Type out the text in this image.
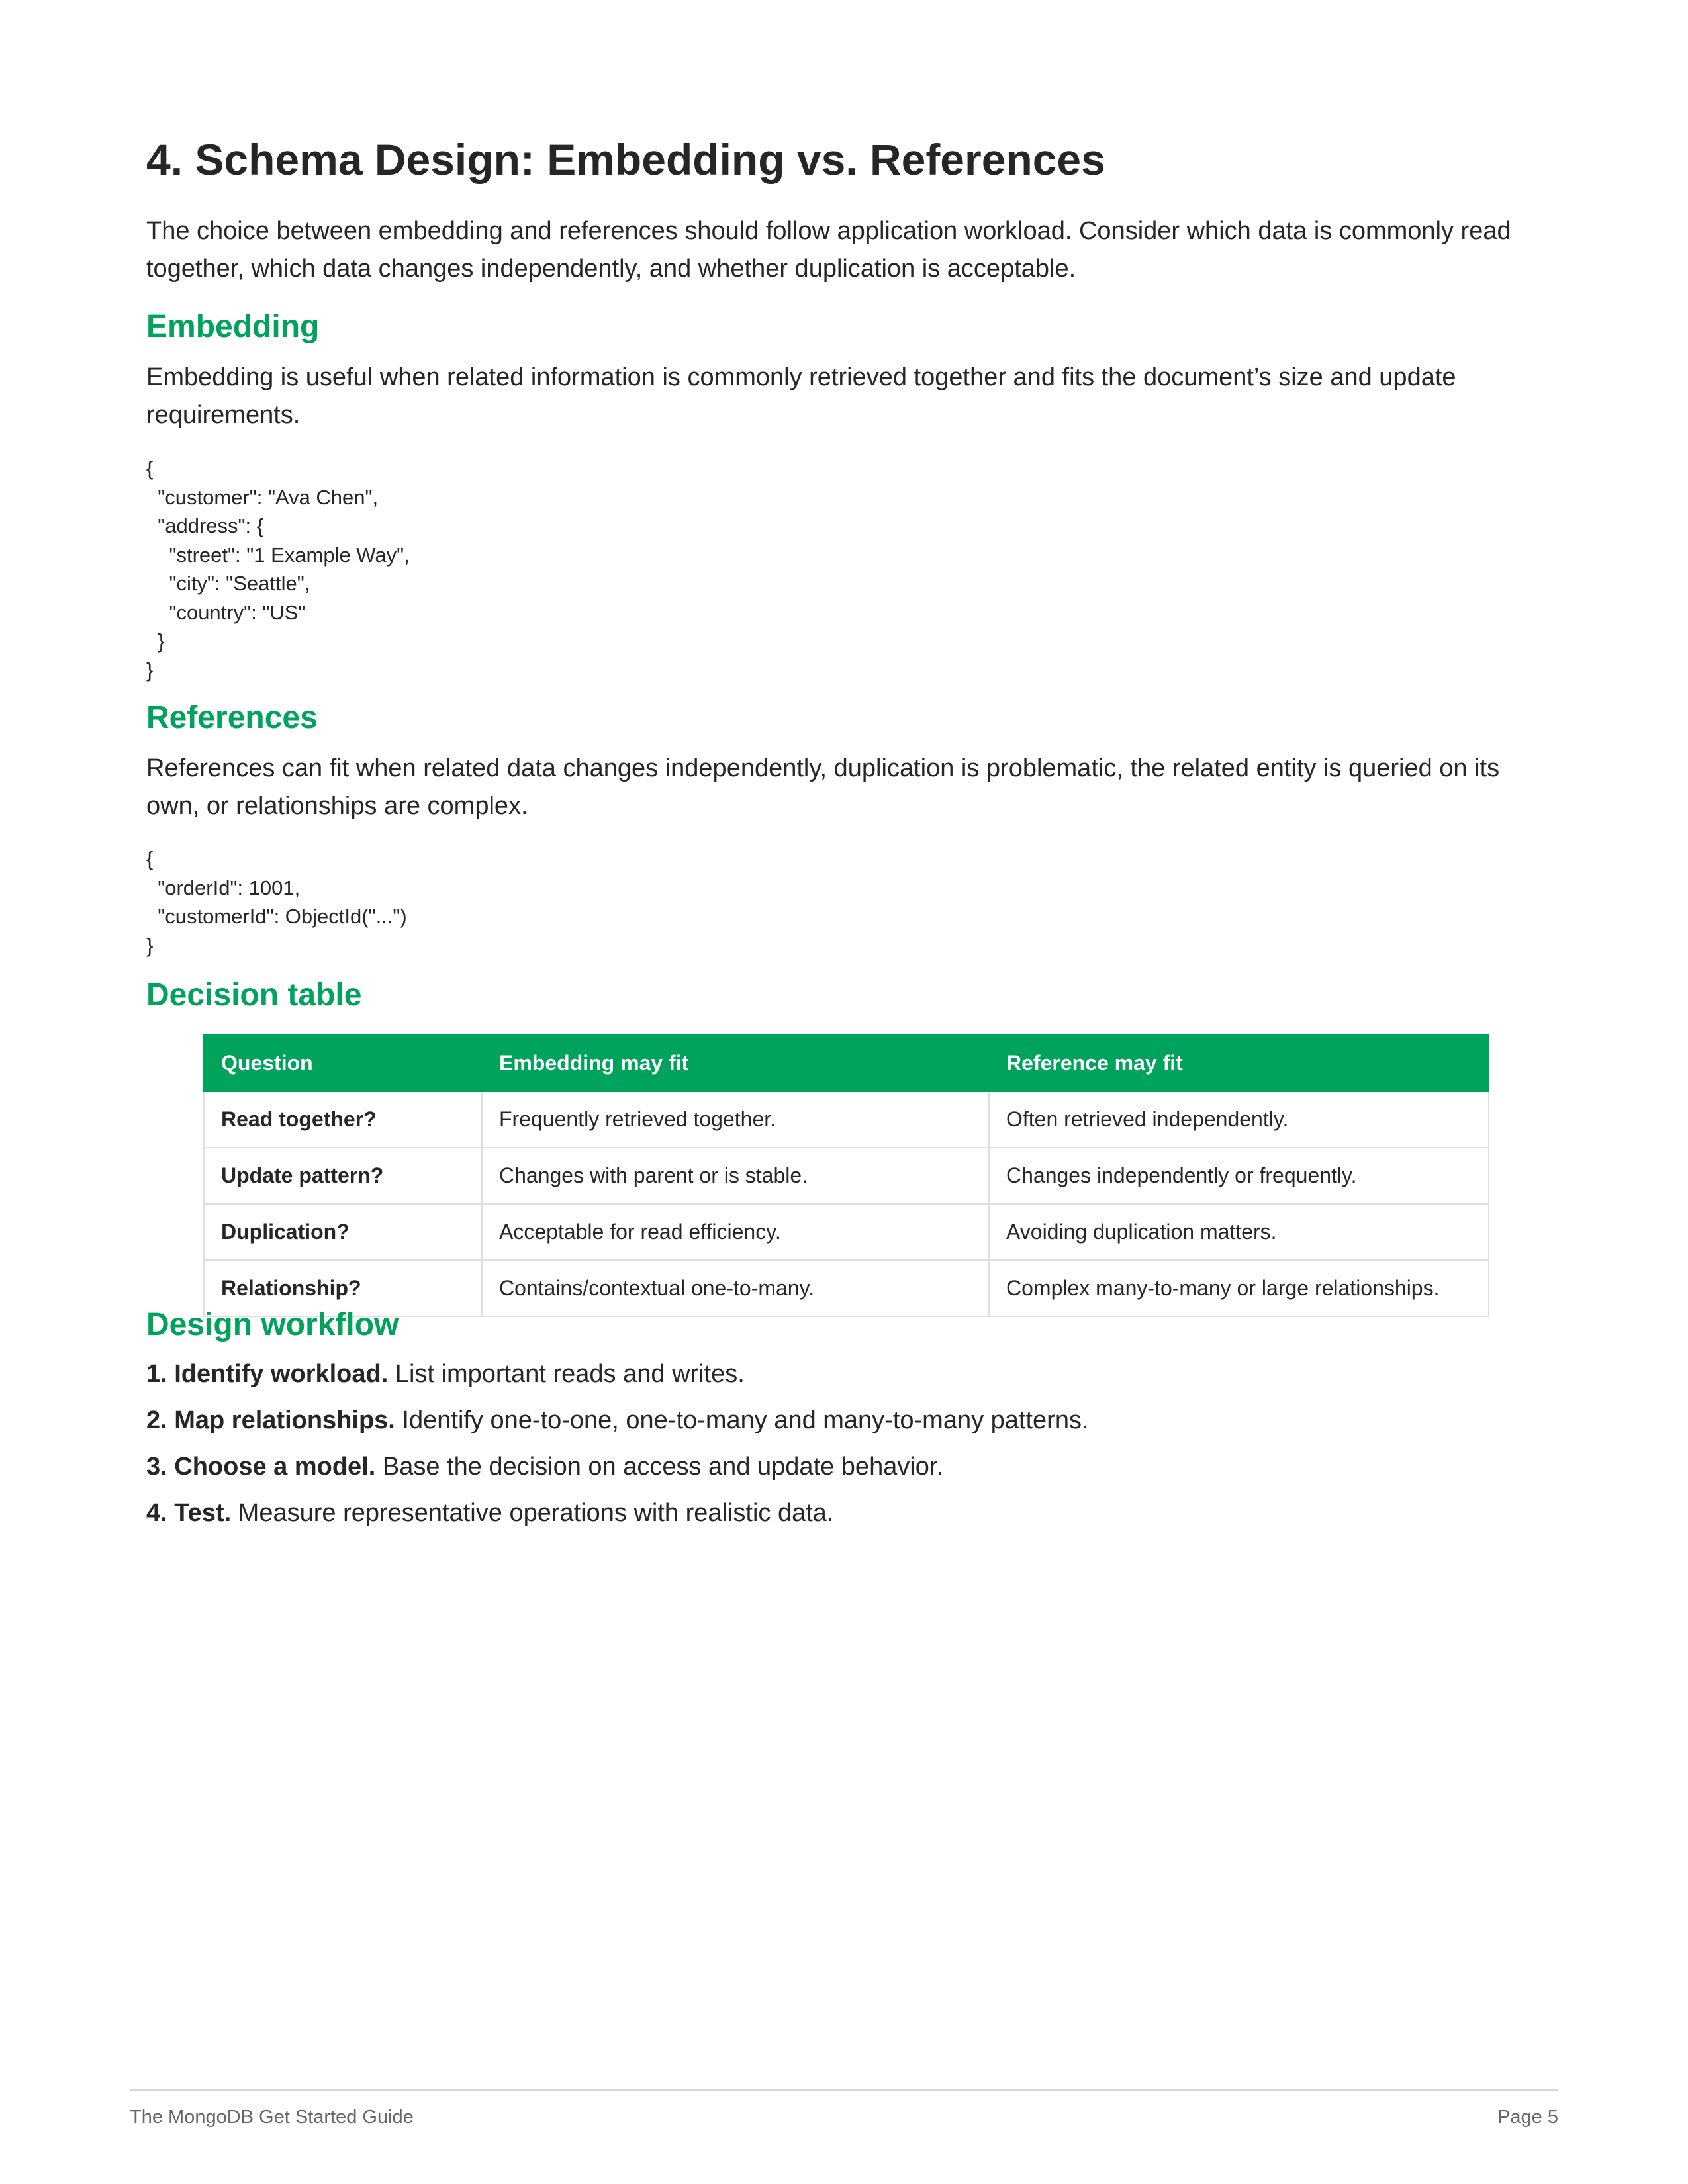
4. Schema Design: Embedding vs. References

The choice between embedding and references should follow application workload. Consider which data is commonly read together, which data changes independently, and whether duplication is acceptable.

Embedding

Embedding is useful when related information is commonly retrieved together and fits the document’s size and update requirements.

{
"customer": "Ava Chen",
"address": {
"street": "1 Example Way",
"city": "Seattle",
"country": "US"
}
}
References

References can fit when related data changes independently, duplication is problematic, the related entity is queried on its own, or relationships are complex.

{
"orderId": 1001,
"customerId": ObjectId("...")
}
Decision table
Question	Embedding may fit	Reference may fit
Read together?	Frequently retrieved together.	Often retrieved independently.
Update pattern?	Changes with parent or is stable.	Changes independently or frequently.
Duplication?	Acceptable for read efficiency.	Avoiding duplication matters.
Relationship?	Contains/contextual one-to-many.	Complex many-to-many or large relationships.
Design workflow

1. Identify workload. List important reads and writes.

2. Map relationships. Identify one-to-one, one-to-many and many-to-many patterns.

3. Choose a model. Base the decision on access and update behavior.

4. Test. Measure representative operations with realistic data.

The MongoDB Get Started Guide	Page 5
